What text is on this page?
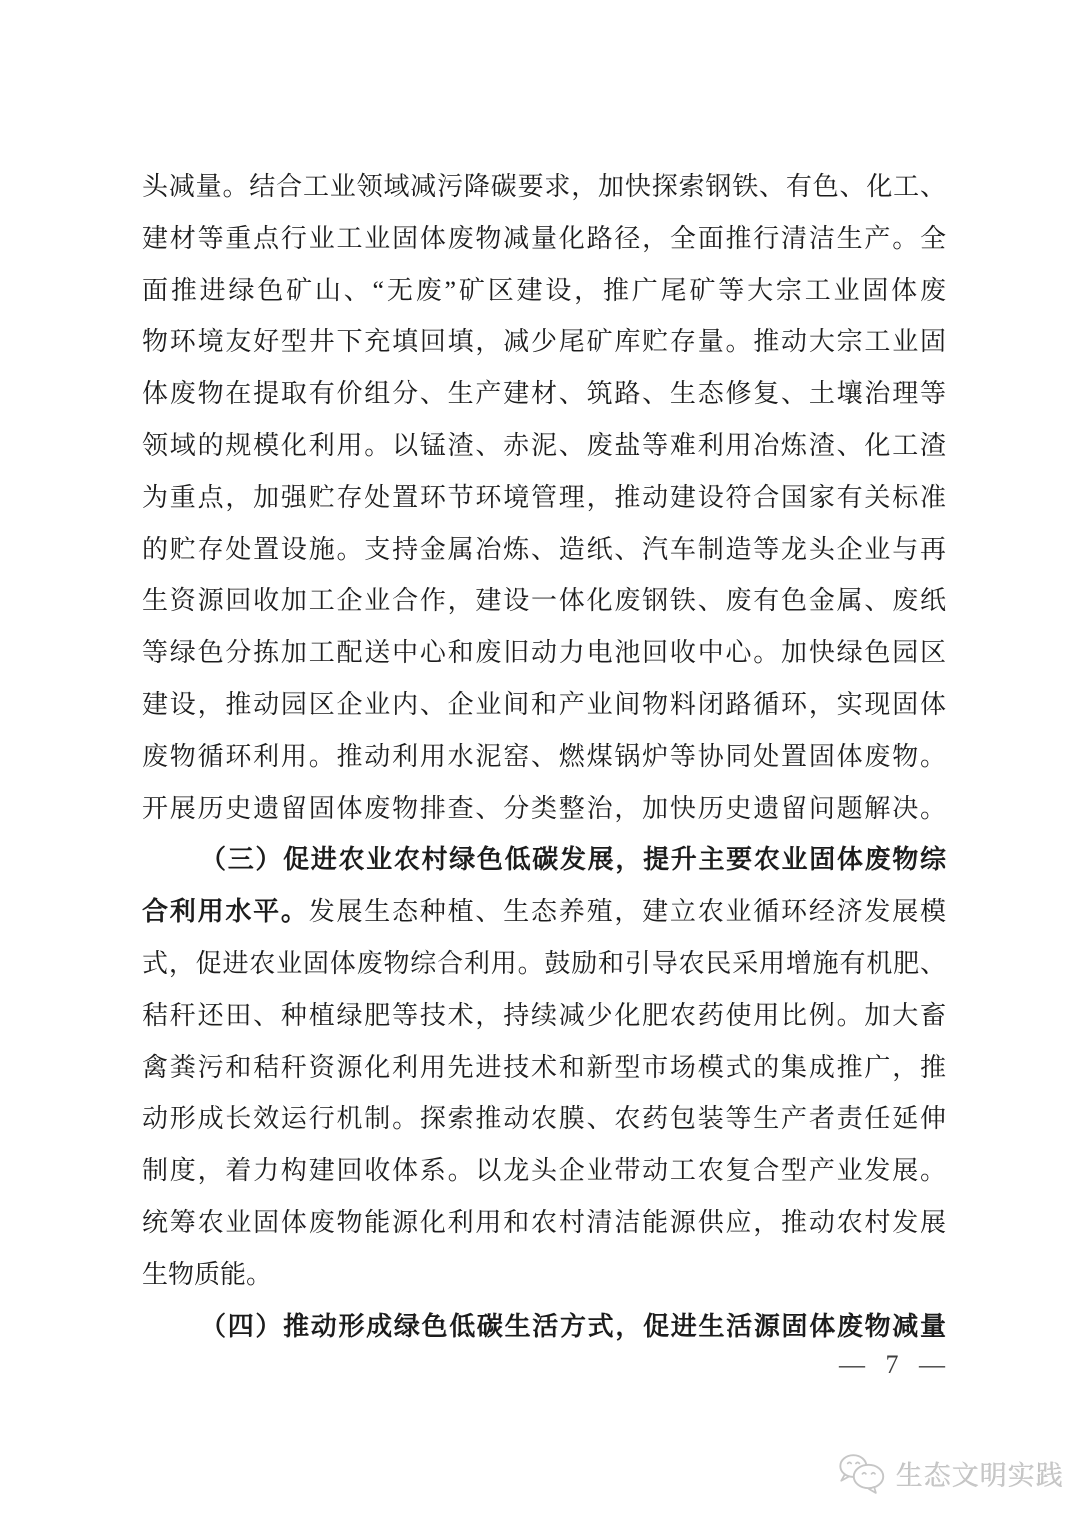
头减量。结合工业领域减污降碳要求，加快探索钢铁、有色、化工、
建材等重点行业工业固体废物减量化路径，全面推行清洁生产。全
面推进绿色矿山、“无废”矿区建设，推广尾矿等大宗工业固体废
物环境友好型井下充填回填，减少尾矿库贮存量。推动大宗工业固
体废物在提取有价组分、生产建材、筑路、生态修复、土壤治理等
领域的规模化利用。以锰渣、赤泥、废盐等难利用冶炼渣、化工渣
为重点，加强贮存处置环节环境管理，推动建设符合国家有关标准
的贮存处置设施。支持金属冶炼、造纸、汽车制造等龙头企业与再
生资源回收加工企业合作，建设一体化废钢铁、废有色金属、废纸
等绿色分拣加工配送中心和废旧动力电池回收中心。加快绿色园区
建设，推动园区企业内、企业间和产业间物料闭路循环，实现固体
废物循环利用。推动利用水泥窑、燃煤锅炉等协同处置固体废物。
开展历史遗留固体废物排查、分类整治，加快历史遗留问题解决。
（三）促进农业农村绿色低碳发展，提升主要农业固体废物综
合利用水平。发展生态种植、生态养殖，建立农业循环经济发展模
式，促进农业固体废物综合利用。鼓励和引导农民采用增施有机肥、
秸秆还田、种植绿肥等技术，持续减少化肥农药使用比例。加大畜
禽粪污和秸秆资源化利用先进技术和新型市场模式的集成推广，推
动形成长效运行机制。探索推动农膜、农药包装等生产者责任延伸
制度，着力构建回收体系。以龙头企业带动工农复合型产业发展。
统筹农业固体废物能源化利用和农村清洁能源供应，推动农村发展
生物质能。
（四）推动形成绿色低碳生活方式，促进生活源固体废物减量
— 7 —
生态文明实践
